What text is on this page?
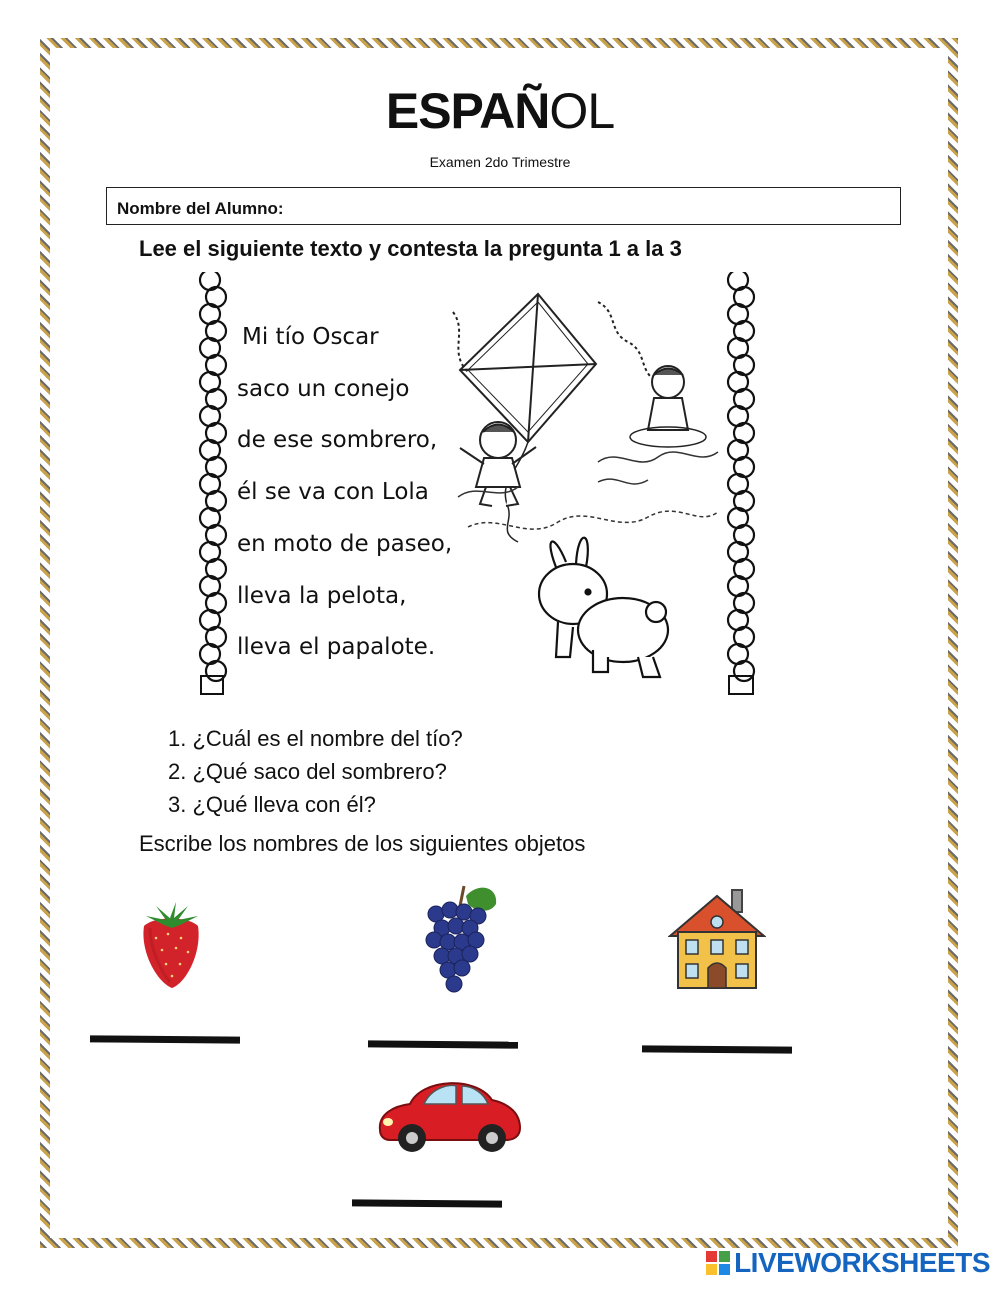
ESPAÑOL
Examen 2do Trimestre
Nombre del Alumno:
Lee el siguiente texto y contesta la pregunta 1 a la 3
Mi tío Oscar
saco un conejo
de ese sombrero,
él se va con Lola
en moto de paseo,
lleva la pelota,
lleva el papalote.
1. ¿Cuál es el nombre del tío?
2. ¿Qué saco del sombrero?
3. ¿Qué lleva con él?
Escribe los nombres de los siguientes objetos
LIVEWORKSHEETS
